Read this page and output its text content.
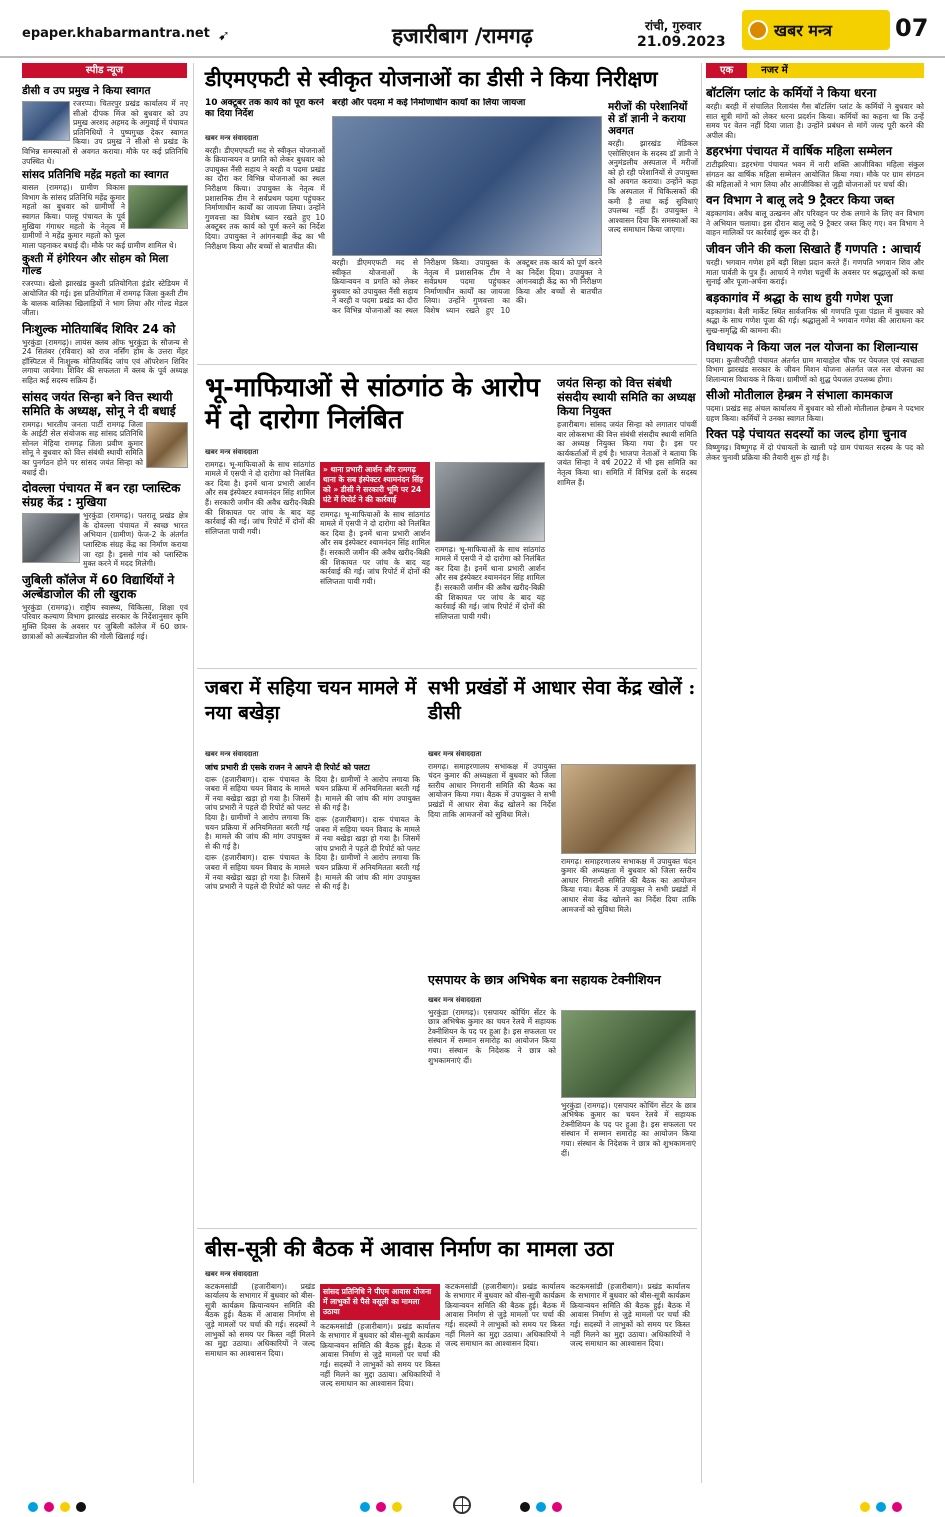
epaper.khabarmantra.net ➹	हजारीबाग /रामगढ़	रांची, गुरुवार
21.09.2023
खबर मन्त्र	07
स्पीड न्यूज	एक	नजर में
डीसी व उप प्रमुख ने किया स्वागत

रजरप्पा। चितरपुर प्रखंड कार्यालय में नए सीओ दीपक मिंज को बुधवार को उप प्रमुख अरशद अहमद के अगुवाई में पंचायत प्रतिनिधियों ने पुष्पगुच्छ देकर स्वागत किया। उप प्रमुख ने सीओ से प्रखंड के विभिन्न समस्याओं से अवगत कराया। मौके पर कई प्रतिनिधि उपस्थित थे।

सांसद प्रतिनिधि महेंद्र महतो का स्वागत

बासल (रामगढ़)। ग्रामीण विकास विभाग के सांसद प्रतिनिधि महेंद्र कुमार महतो का बुधवार को ग्रामीणों ने स्वागत किया। पाल्हू पंचायत के पूर्व मुखिया गंगाधर महतो के नेतृत्व में ग्रामीणों ने महेंद्र कुमार महतो को फूल माला पहनाकर बधाई दी। मौके पर कई ग्रामीण शामिल थे।

कुश्ती में हंगेरियन और सोहम को मिला गोल्ड

रजरप्पा। खेलो झारखंड कुश्ती प्रतियोगिता इंडोर स्टेडियम में आयोजित की गई। इस प्रतियोगिता में रामगढ़ जिला कुश्ती टीम के बालक बालिका खिलाड़ियों ने भाग लिया और गोल्ड मेडल जीता।

निःशुल्क मोतियाबिंद शिविर 24 को

भुरकुंडा (रामगढ़)। लायंस क्लब ऑफ भुरकुंडा के सौजन्य से 24 सितंबर (रविवार) को राज नर्सिंग होम के उत्तरा मेंहर हॉस्पिटल में निःशुल्क मोतियाबिंद जांच एवं ऑपरेशन शिविर लगाया जायेगा। शिविर की सफलता में क्लब के पूर्व अध्यक्ष सहित कई सदस्य सक्रिय हैं।

सांसद जयंत सिन्हा बने वित्त स्थायी समिति के अध्यक्ष, सोनू ने दी बधाई

रामगढ़। भारतीय जनता पार्टी रामगढ़ जिला के आईटी सेल संयोजक सह सांसद प्रतिनिधि सोनल मेहिया रामगढ़ जिला प्रवीण कुमार सोनू ने बुधवार को वित्त संबंधी स्थायी समिति का पुनर्गठन होने पर सांसद जयंत सिन्हा को बधाई दी।

दोवल्ला पंचायत में बन रहा प्लास्टिक संग्रह केंद्र : मुखिया

भुरकुंडा (रामगढ़)। पतरातू प्रखंड क्षेत्र के दोवल्ला पंचायत में स्वच्छ भारत अभियान (ग्रामीण) फेज-2 के अंतर्गत प्लास्टिक संग्रह केंद्र का निर्माण कराया जा रहा है। इससे गांव को प्लास्टिक मुक्त करने में मदद मिलेगी।

जुबिली कॉलेज में 60 विद्यार्थियों ने अल्बेंडाजोल की ली खुराक

भुरकुंडा (रामगढ़)। राष्ट्रीय स्वास्थ्य, चिकित्सा, शिक्षा एवं परिवार कल्याण विभाग झारखंड सरकार के निर्देशानुसार कृमि मुक्ति दिवस के अवसर पर जुबिली कॉलेज में 60 छात्र-छात्राओं को अल्बेंडाजोल की गोली खिलाई गई।

डीएमएफटी से स्वीकृत योजनाओं का डीसी ने किया निरीक्षण
10 अक्टूबर तक कार्य को पूरा करने का दिया निर्देश
बरही और पदमा में कई निर्माणाधीन कार्यों का लिया जायजा
खबर मन्त्र संवाददाता

बरही। डीएमएफटी मद से स्वीकृत योजनाओं के क्रियान्वयन व प्रगति को लेकर बुधवार को उपायुक्त नैंसी सहाय ने बरही व पदमा प्रखंड का दौरा कर विभिन्न योजनाओं का स्थल निरीक्षण किया। उपायुक्त के नेतृत्व में प्रशासनिक टीम ने सर्वप्रथम पदमा पहुंचकर निर्माणाधीन कार्यों का जायजा लिया। उन्होंने गुणवत्ता का विशेष ध्यान रखते हुए 10 अक्टूबर तक कार्य को पूर्ण करने का निर्देश दिया। उपायुक्त ने आंगनबाड़ी केंद्र का भी निरीक्षण किया और बच्चों से बातचीत की।

बरही। डीएमएफटी मद से स्वीकृत योजनाओं के क्रियान्वयन व प्रगति को लेकर बुधवार को उपायुक्त नैंसी सहाय ने बरही व पदमा प्रखंड का दौरा कर विभिन्न योजनाओं का स्थल निरीक्षण किया। उपायुक्त के नेतृत्व में प्रशासनिक टीम ने सर्वप्रथम पदमा पहुंचकर निर्माणाधीन कार्यों का जायजा लिया। उन्होंने गुणवत्ता का विशेष ध्यान रखते हुए 10 अक्टूबर तक कार्य को पूर्ण करने का निर्देश दिया। उपायुक्त ने आंगनबाड़ी केंद्र का भी निरीक्षण किया और बच्चों से बातचीत की।

मरीजों की परेशानियों से डॉ ज्ञानी ने कराया अवगत

बरही। झारखंड मेडिकल एसोसिएशन के सदस्य डॉ ज्ञानी ने अनुमंडलीय अस्पताल में मरीजों को हो रही परेशानियों से उपायुक्त को अवगत कराया। उन्होंने कहा कि अस्पताल में चिकित्सकों की कमी है तथा कई सुविधाएं उपलब्ध नहीं हैं। उपायुक्त ने आश्वासन दिया कि समस्याओं का जल्द समाधान किया जाएगा।

भू-माफियाओं से सांठगांठ के आरोप में दो दारोगा निलंबित
खबर मन्त्र संवाददाता

रामगढ़। भू-माफियाओं के साथ सांठगांठ मामले में एसपी ने दो दारोगा को निलंबित कर दिया है। इनमें थाना प्रभारी आर्शन और सब इंस्पेक्टर श्यामनंदन सिंह शामिल हैं। सरकारी जमीन की अवैध खरीद-बिक्री की शिकायत पर जांच के बाद यह कार्रवाई की गई। जांच रिपोर्ट में दोनों की संलिप्तता पायी गयी।

» थाना प्रभारी आर्शन और रामगढ़ थाना के सब इंस्पेक्टर श्यामनंदन सिंह को » डीसी ने सरकारी भूमि पर 24 घंटे में रिपोर्ट ने की कार्रवाई

रामगढ़। भू-माफियाओं के साथ सांठगांठ मामले में एसपी ने दो दारोगा को निलंबित कर दिया है। इनमें थाना प्रभारी आर्शन और सब इंस्पेक्टर श्यामनंदन सिंह शामिल हैं। सरकारी जमीन की अवैध खरीद-बिक्री की शिकायत पर जांच के बाद यह कार्रवाई की गई। जांच रिपोर्ट में दोनों की संलिप्तता पायी गयी।

रामगढ़। भू-माफियाओं के साथ सांठगांठ मामले में एसपी ने दो दारोगा को निलंबित कर दिया है। इनमें थाना प्रभारी आर्शन और सब इंस्पेक्टर श्यामनंदन सिंह शामिल हैं। सरकारी जमीन की अवैध खरीद-बिक्री की शिकायत पर जांच के बाद यह कार्रवाई की गई। जांच रिपोर्ट में दोनों की संलिप्तता पायी गयी।

जयंत सिन्हा को वित्त संबंधी संसदीय स्थायी समिति का अध्यक्ष किया नियुक्त

हजारीबाग। सांसद जयंत सिन्हा को लगातार पांचवीं बार लोकसभा की वित्त संबंधी संसदीय स्थायी समिति का अध्यक्ष नियुक्त किया गया है। इस पर कार्यकर्ताओं में हर्ष है। भाजपा नेताओं ने बताया कि जयंत सिन्हा ने वर्ष 2022 में भी इस समिति का नेतृत्व किया था। समिति में विभिन्न दलों के सदस्य शामिल हैं।

जबरा में सहिया चयन मामले में नया बखेड़ा
खबर मन्त्र संवाददाता
जांच प्रभारी डी एसके राजन ने आपने दी रिपोर्ट को पलटा

दारू (हजारीबाग)। दारू पंचायत के जबरा में सहिया चयन विवाद के मामले में नया बखेड़ा खड़ा हो गया है। जिसमें जांच प्रभारी ने पहले दी रिपोर्ट को पलट दिया है। ग्रामीणों ने आरोप लगाया कि चयन प्रक्रिया में अनियमितता बरती गई है। मामले की जांच की मांग उपायुक्त से की गई है।

दारू (हजारीबाग)। दारू पंचायत के जबरा में सहिया चयन विवाद के मामले में नया बखेड़ा खड़ा हो गया है। जिसमें जांच प्रभारी ने पहले दी रिपोर्ट को पलट दिया है। ग्रामीणों ने आरोप लगाया कि चयन प्रक्रिया में अनियमितता बरती गई है। मामले की जांच की मांग उपायुक्त से की गई है।

दारू (हजारीबाग)। दारू पंचायत के जबरा में सहिया चयन विवाद के मामले में नया बखेड़ा खड़ा हो गया है। जिसमें जांच प्रभारी ने पहले दी रिपोर्ट को पलट दिया है। ग्रामीणों ने आरोप लगाया कि चयन प्रक्रिया में अनियमितता बरती गई है। मामले की जांच की मांग उपायुक्त से की गई है।

सभी प्रखंडों में आधार सेवा केंद्र खोलें : डीसी
खबर मन्त्र संवाददाता

रामगढ़। समाहरणालय सभाकक्ष में उपायुक्त चंदन कुमार की अध्यक्षता में बुधवार को जिला स्तरीय आधार निगरानी समिति की बैठक का आयोजन किया गया। बैठक में उपायुक्त ने सभी प्रखंडों में आधार सेवा केंद्र खोलने का निर्देश दिया ताकि आमजनों को सुविधा मिले।

रामगढ़। समाहरणालय सभाकक्ष में उपायुक्त चंदन कुमार की अध्यक्षता में बुधवार को जिला स्तरीय आधार निगरानी समिति की बैठक का आयोजन किया गया। बैठक में उपायुक्त ने सभी प्रखंडों में आधार सेवा केंद्र खोलने का निर्देश दिया ताकि आमजनों को सुविधा मिले।

एसपायर के छात्र अभिषेक बना सहायक टेक्नीशियन
खबर मन्त्र संवाददाता

भुरकुंडा (रामगढ़)। एसपायर कोचिंग सेंटर के छात्र अभिषेक कुमार का चयन रेलवे में सहायक टेक्नीशियन के पद पर हुआ है। इस सफलता पर संस्थान में सम्मान समारोह का आयोजन किया गया। संस्थान के निदेशक ने छात्र को शुभकामनाएं दीं।

भुरकुंडा (रामगढ़)। एसपायर कोचिंग सेंटर के छात्र अभिषेक कुमार का चयन रेलवे में सहायक टेक्नीशियन के पद पर हुआ है। इस सफलता पर संस्थान में सम्मान समारोह का आयोजन किया गया। संस्थान के निदेशक ने छात्र को शुभकामनाएं दीं।

बीस-सूत्री की बैठक में आवास निर्माण का मामला उठा
खबर मन्त्र संवाददाता

कटकमसांडी (हजारीबाग)। प्रखंड कार्यालय के सभागार में बुधवार को बीस-सूत्री कार्यक्रम क्रियान्वयन समिति की बैठक हुई। बैठक में आवास निर्माण से जुड़े मामलों पर चर्चा की गई। सदस्यों ने लाभुकों को समय पर किस्त नहीं मिलने का मुद्दा उठाया। अधिकारियों ने जल्द समाधान का आश्वासन दिया।

सांसद प्रतिनिधि ने पीएम आवास योजना में लाभुकों से पैसे वसूली का मामला उठाया

कटकमसांडी (हजारीबाग)। प्रखंड कार्यालय के सभागार में बुधवार को बीस-सूत्री कार्यक्रम क्रियान्वयन समिति की बैठक हुई। बैठक में आवास निर्माण से जुड़े मामलों पर चर्चा की गई। सदस्यों ने लाभुकों को समय पर किस्त नहीं मिलने का मुद्दा उठाया। अधिकारियों ने जल्द समाधान का आश्वासन दिया।

कटकमसांडी (हजारीबाग)। प्रखंड कार्यालय के सभागार में बुधवार को बीस-सूत्री कार्यक्रम क्रियान्वयन समिति की बैठक हुई। बैठक में आवास निर्माण से जुड़े मामलों पर चर्चा की गई। सदस्यों ने लाभुकों को समय पर किस्त नहीं मिलने का मुद्दा उठाया। अधिकारियों ने जल्द समाधान का आश्वासन दिया।

कटकमसांडी (हजारीबाग)। प्रखंड कार्यालय के सभागार में बुधवार को बीस-सूत्री कार्यक्रम क्रियान्वयन समिति की बैठक हुई। बैठक में आवास निर्माण से जुड़े मामलों पर चर्चा की गई। सदस्यों ने लाभुकों को समय पर किस्त नहीं मिलने का मुद्दा उठाया। अधिकारियों ने जल्द समाधान का आश्वासन दिया।

बॉटलिंग प्लांट के कर्मियों ने किया धरना

बरही। बरही में संचालित रिलायंस गैस बॉटलिंग प्लांट के कर्मियों ने बुधवार को सात सूत्री मांगों को लेकर धरना प्रदर्शन किया। कर्मियों का कहना था कि उन्हें समय पर वेतन नहीं दिया जाता है। उन्होंने प्रबंधन से मांगें जल्द पूरी करने की अपील की।

डहरभंगा पंचायत में वार्षिक महिला सम्मेलन

टाटीझरिया। डहरभंगा पंचायत भवन में नारी शक्ति आजीविका महिला संकुल संगठन का वार्षिक महिला सम्मेलन आयोजित किया गया। मौके पर ग्राम संगठन की महिलाओं ने भाग लिया और आजीविका से जुड़ी योजनाओं पर चर्चा की।

वन विभाग ने बालू लदे 9 ट्रैक्टर किया जब्त

बड़कागांव। अवैध बालू उत्खनन और परिवहन पर रोक लगाने के लिए वन विभाग ने अभियान चलाया। इस दौरान बालू लदे 9 ट्रैक्टर जब्त किए गए। वन विभाग ने वाहन मालिकों पर कार्रवाई शुरू कर दी है।

जीवन जीने की कला सिखाते हैं गणपति : आचार्य

चरही। भगवान गणेश हमें बड़ी शिक्षा प्रदान करते हैं। गणपति भगवान शिव और माता पार्वती के पुत्र हैं। आचार्य ने गणेश चतुर्थी के अवसर पर श्रद्धालुओं को कथा सुनाई और पूजा-अर्चना कराई।

बड़कागांव में श्रद्धा के साथ हुयी गणेश पूजा

बड़कागांव। बैली मार्केट स्थित सार्वजनिक श्री गणपति पूजा पंडाल में बुधवार को श्रद्धा के साथ गणेश पूजा की गई। श्रद्धालुओं ने भगवान गणेश की आराधना कर सुख-समृद्धि की कामना की।

विधायक ने किया जल नल योजना का शिलान्यास

पदमा। कुजीपरीही पंचायत अंतर्गत ग्राम मायाहोल चौक पर पेयजल एवं स्वच्छता विभाग झारखंड सरकार के जीवन मिशन योजना अंतर्गत जल नल योजना का शिलान्यास विधायक ने किया। ग्रामीणों को शुद्ध पेयजल उपलब्ध होगा।

सीओ मोतीलाल हेम्ब्रम ने संभाला कामकाज

पदमा। प्रखंड सह अंचल कार्यालय में बुधवार को सीओ मोतीलाल हेम्ब्रम ने पदभार ग्रहण किया। कर्मियों ने उनका स्वागत किया।

रिक्त पड़े पंचायत सदस्यों का जल्द होगा चुनाव

विष्णुगढ़। विष्णुगढ़ में दो पंचायतों के खाली पड़े ग्राम पंचायत सदस्य के पद को लेकर चुनावी प्रक्रिया की तैयारी शुरू हो गई है।
